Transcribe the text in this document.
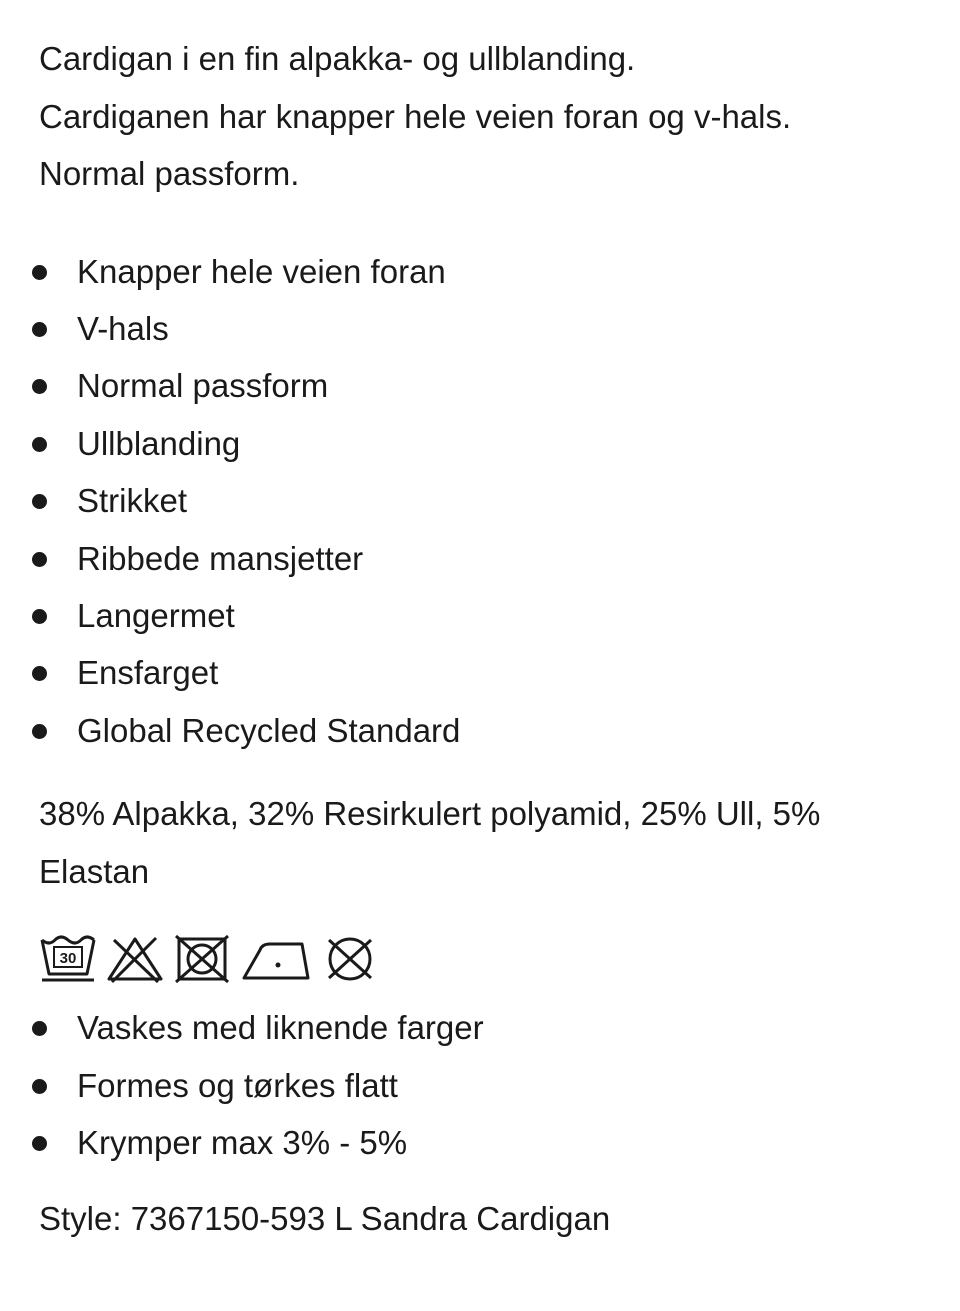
Cardigan i en fin alpakka- og ullblanding.
Cardiganen har knapper hele veien foran og v-hals.
Normal passform.

Knapper hele veien foran
V-hals
Normal passform
Ullblanding
Strikket
Ribbede mansjetter
Langermet
Ensfarget
Global Recycled Standard

38% Alpakka, 32% Resirkulert polyamid, 25% Ull, 5%
Elastan

30
Vaskes med liknende farger
Formes og tørkes flatt
Krymper max 3% - 5%

Style: 7367150-593 L Sandra Cardigan
